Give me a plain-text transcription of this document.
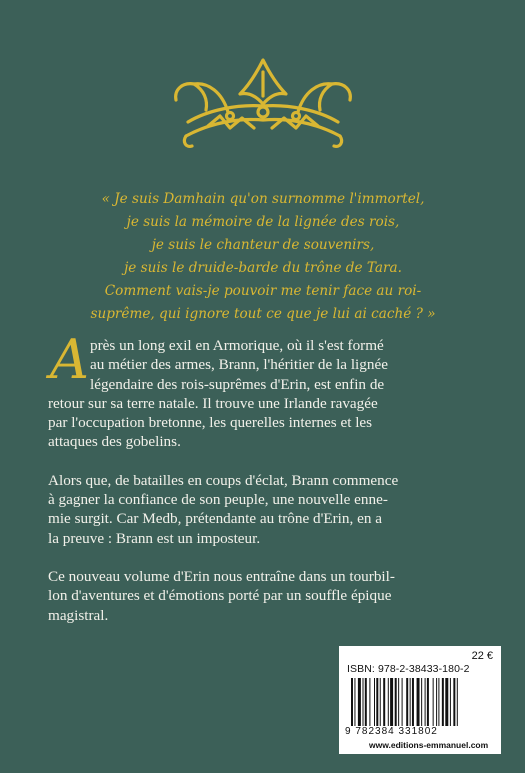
« Je suis Damhain qu'on surnomme l'immortel,
je suis la mémoire de la lignée des rois,
je suis le chanteur de souvenirs,
je suis le druide-barde du trône de Tara.
Comment vais-je pouvoir me tenir face au roi-
suprême, qui ignore tout ce que je lui ai caché ? »
A près un long exil en Armorique, où il s'est formé
au métier des armes, Brann, l'héritier de la lignée
légendaire des rois-suprêmes d'Erin, est enfin de
retour sur sa terre natale. Il trouve une Irlande ravagée
par l'occupation bretonne, les querelles internes et les
attaques des gobelins.
Alors que, de batailles en coups d'éclat, Brann commence
à gagner la confiance de son peuple, une nouvelle enne-
mie surgit. Car Medb, prétendante au trône d'Erin, en a
la preuve : Brann est un imposteur.
Ce nouveau volume d'Erin nous entraîne dans un tourbil-
lon d'aventures et d'émotions porté par un souffle épique
magistral.
22 €
ISBN: 978-2-38433-180-2
9 782384 331802
www.editions-emmanuel.com
